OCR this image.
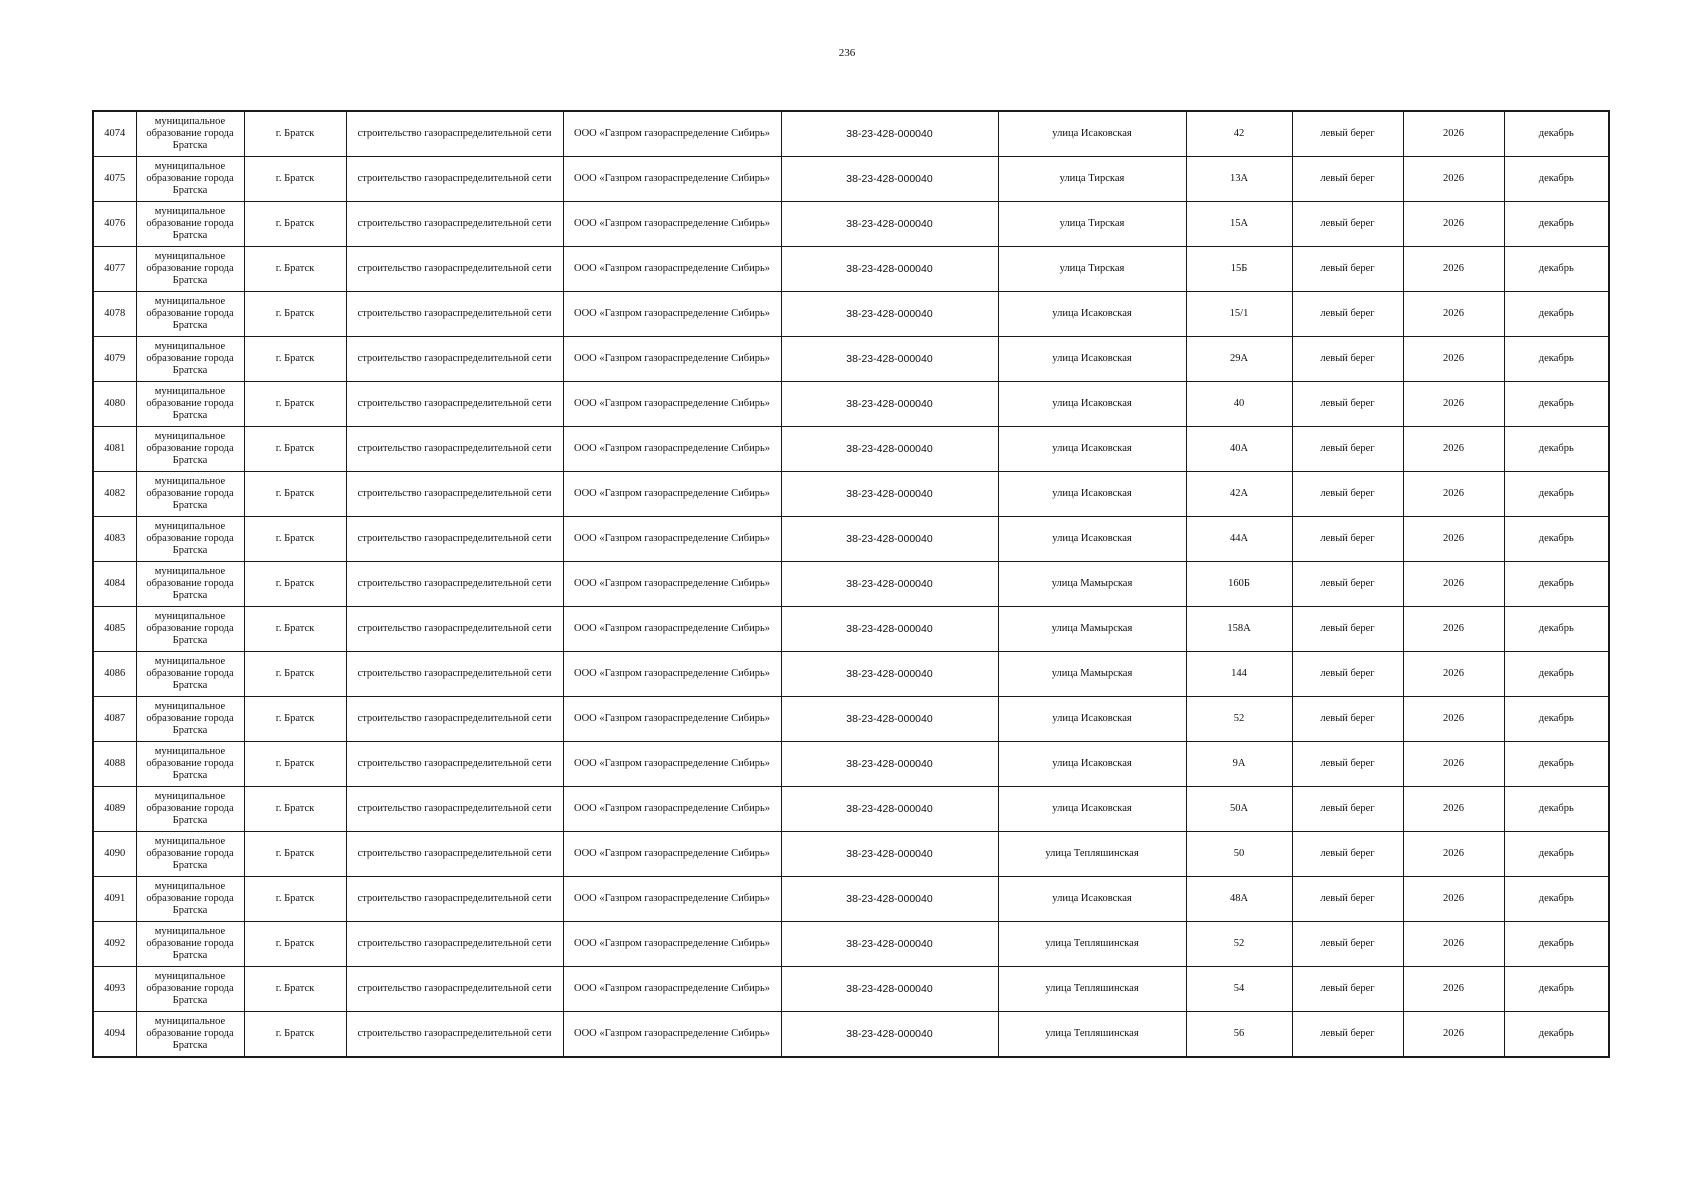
236
4074	муниципальное образование города Братска	г. Братск	строительство газораспределительной сети	ООО «Газпром газораспределение Сибирь»	38-23-428-000040	улица Исаковская	42	левый берег	2026	декабрь
4075	муниципальное образование города Братска	г. Братск	строительство газораспределительной сети	ООО «Газпром газораспределение Сибирь»	38-23-428-000040	улица Тирская	13А	левый берег	2026	декабрь
4076	муниципальное образование города Братска	г. Братск	строительство газораспределительной сети	ООО «Газпром газораспределение Сибирь»	38-23-428-000040	улица Тирская	15А	левый берег	2026	декабрь
4077	муниципальное образование города Братска	г. Братск	строительство газораспределительной сети	ООО «Газпром газораспределение Сибирь»	38-23-428-000040	улица Тирская	15Б	левый берег	2026	декабрь
4078	муниципальное образование города Братска	г. Братск	строительство газораспределительной сети	ООО «Газпром газораспределение Сибирь»	38-23-428-000040	улица Исаковская	15/1	левый берег	2026	декабрь
4079	муниципальное образование города Братска	г. Братск	строительство газораспределительной сети	ООО «Газпром газораспределение Сибирь»	38-23-428-000040	улица Исаковская	29А	левый берег	2026	декабрь
4080	муниципальное образование города Братска	г. Братск	строительство газораспределительной сети	ООО «Газпром газораспределение Сибирь»	38-23-428-000040	улица Исаковская	40	левый берег	2026	декабрь
4081	муниципальное образование города Братска	г. Братск	строительство газораспределительной сети	ООО «Газпром газораспределение Сибирь»	38-23-428-000040	улица Исаковская	40А	левый берег	2026	декабрь
4082	муниципальное образование города Братска	г. Братск	строительство газораспределительной сети	ООО «Газпром газораспределение Сибирь»	38-23-428-000040	улица Исаковская	42А	левый берег	2026	декабрь
4083	муниципальное образование города Братска	г. Братск	строительство газораспределительной сети	ООО «Газпром газораспределение Сибирь»	38-23-428-000040	улица Исаковская	44А	левый берег	2026	декабрь
4084	муниципальное образование города Братска	г. Братск	строительство газораспределительной сети	ООО «Газпром газораспределение Сибирь»	38-23-428-000040	улица Мамырская	160Б	левый берег	2026	декабрь
4085	муниципальное образование города Братска	г. Братск	строительство газораспределительной сети	ООО «Газпром газораспределение Сибирь»	38-23-428-000040	улица Мамырская	158А	левый берег	2026	декабрь
4086	муниципальное образование города Братска	г. Братск	строительство газораспределительной сети	ООО «Газпром газораспределение Сибирь»	38-23-428-000040	улица Мамырская	144	левый берег	2026	декабрь
4087	муниципальное образование города Братска	г. Братск	строительство газораспределительной сети	ООО «Газпром газораспределение Сибирь»	38-23-428-000040	улица Исаковская	52	левый берег	2026	декабрь
4088	муниципальное образование города Братска	г. Братск	строительство газораспределительной сети	ООО «Газпром газораспределение Сибирь»	38-23-428-000040	улица Исаковская	9А	левый берег	2026	декабрь
4089	муниципальное образование города Братска	г. Братск	строительство газораспределительной сети	ООО «Газпром газораспределение Сибирь»	38-23-428-000040	улица Исаковская	50А	левый берег	2026	декабрь
4090	муниципальное образование города Братска	г. Братск	строительство газораспределительной сети	ООО «Газпром газораспределение Сибирь»	38-23-428-000040	улица Тепляшинская	50	левый берег	2026	декабрь
4091	муниципальное образование города Братска	г. Братск	строительство газораспределительной сети	ООО «Газпром газораспределение Сибирь»	38-23-428-000040	улица Исаковская	48А	левый берег	2026	декабрь
4092	муниципальное образование города Братска	г. Братск	строительство газораспределительной сети	ООО «Газпром газораспределение Сибирь»	38-23-428-000040	улица Тепляшинская	52	левый берег	2026	декабрь
4093	муниципальное образование города Братска	г. Братск	строительство газораспределительной сети	ООО «Газпром газораспределение Сибирь»	38-23-428-000040	улица Тепляшинская	54	левый берег	2026	декабрь
4094	муниципальное образование города Братска	г. Братск	строительство газораспределительной сети	ООО «Газпром газораспределение Сибирь»	38-23-428-000040	улица Тепляшинская	56	левый берег	2026	декабрь
